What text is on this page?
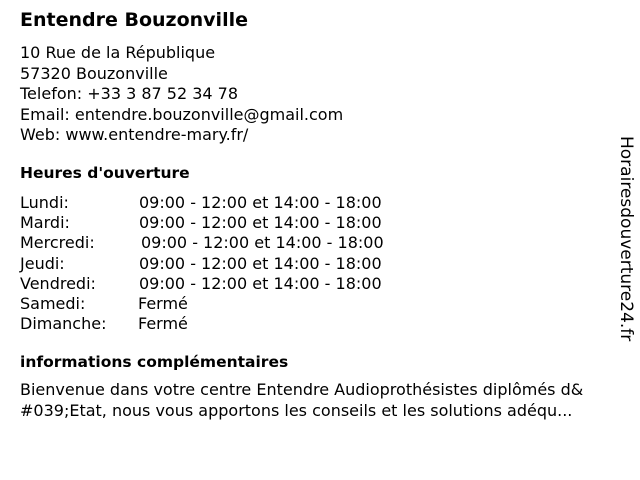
Entendre Bouzonville
10 Rue de la République
57320 Bouzonville
Telefon: +33 3 87 52 34 78
Email: entendre.bouzonville@gmail.com
Web: www.entendre-mary.fr/
Heures d'ouverture
Lundi:	09:00 - 12:00 et 14:00 - 18:00
Mardi:	09:00 - 12:00 et 14:00 - 18:00
Mercredi:	09:00 - 12:00 et 14:00 - 18:00
Jeudi:	09:00 - 12:00 et 14:00 - 18:00
Vendredi:	09:00 - 12:00 et 14:00 - 18:00
Samedi:	Fermé
Dimanche: Fermé
informations complémentaires
Bienvenue dans votre centre Entendre Audioprothésistes diplômés d&
#039;Etat, nous vous apportons les conseils et les solutions adéqu...
Horairesdouverture24.fr
